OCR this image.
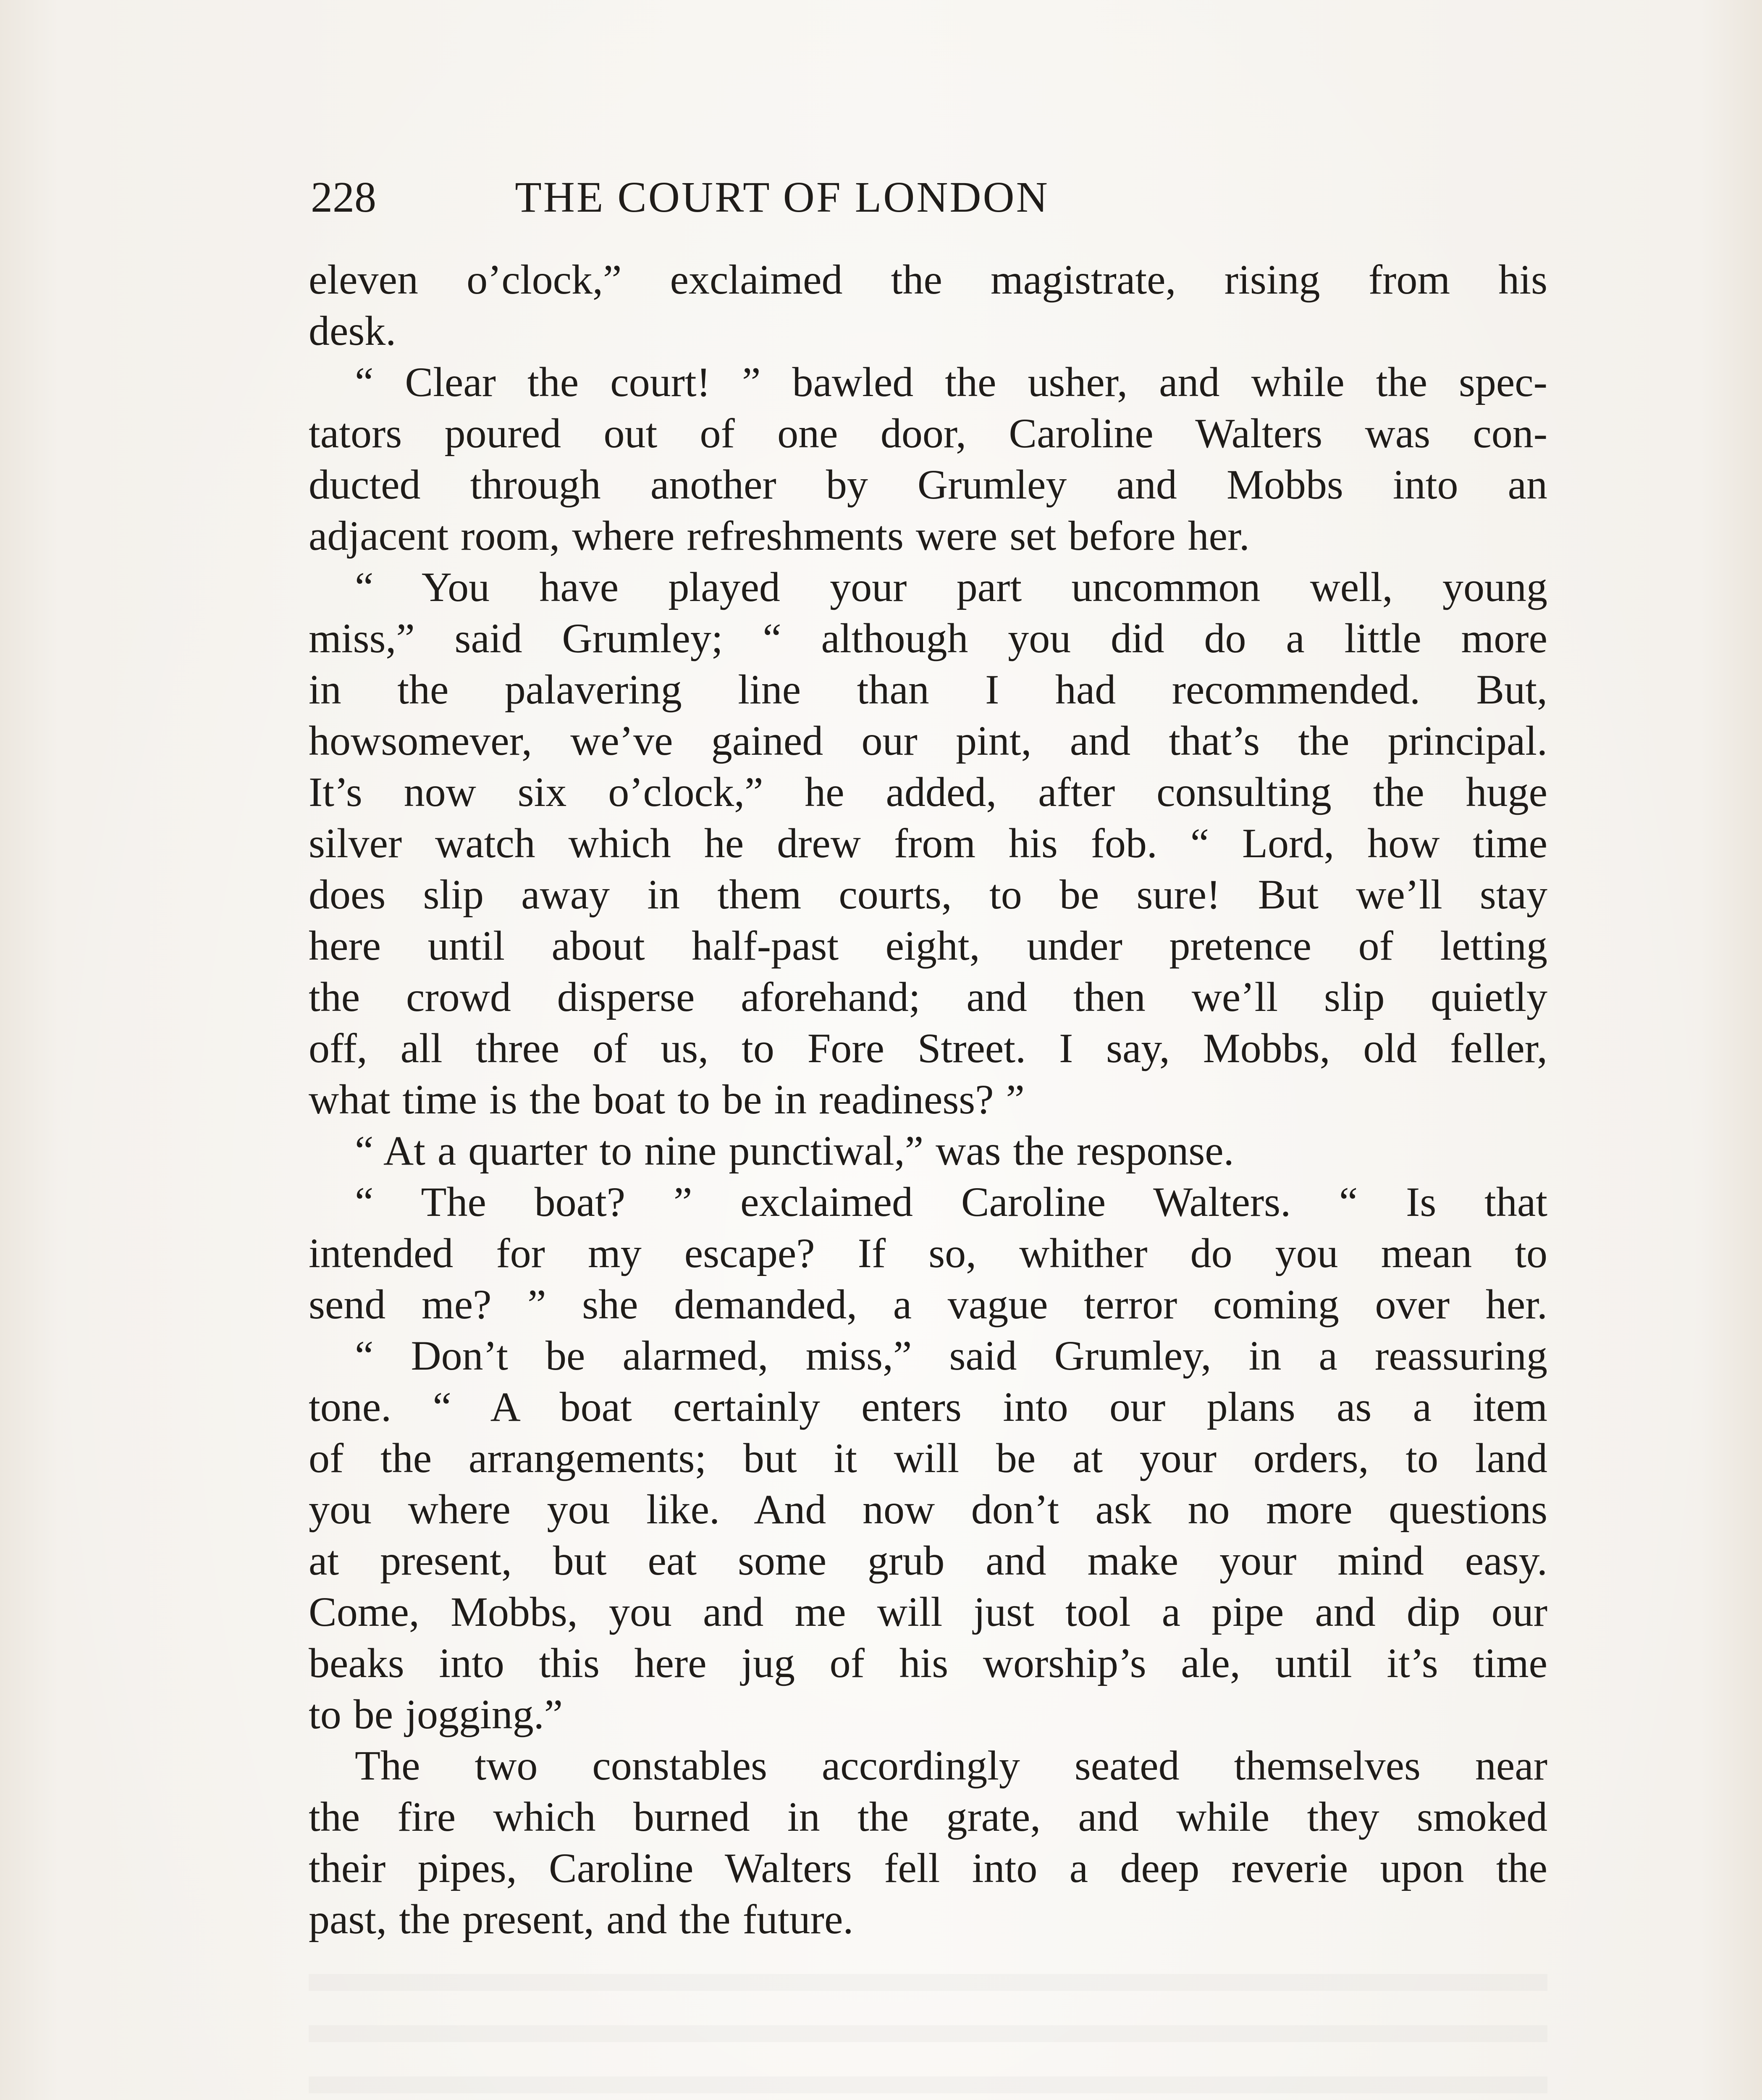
228	THE COURT OF LONDON
eleven o’clock,” exclaimed the magistrate, rising from his
desk.
“ Clear the court! ” bawled the usher, and while the spec-
tators poured out of one door, Caroline Walters was con-
ducted through another by Grumley and Mobbs into an
adjacent room, where refreshments were set before her.
“ You have played your part uncommon well, young
miss,” said Grumley; “ although you did do a little more
in the palavering line than I had recommended. But,
howsomever, we’ve gained our pint, and that’s the principal.
It’s now six o’clock,” he added, after consulting the huge
silver watch which he drew from his fob. “ Lord, how time
does slip away in them courts, to be sure! But we’ll stay
here until about half-past eight, under pretence of letting
the crowd disperse aforehand; and then we’ll slip quietly
off, all three of us, to Fore Street. I say, Mobbs, old feller,
what time is the boat to be in readiness? ”
“ At a quarter to nine punctiwal,” was the response.
“ The boat? ” exclaimed Caroline Walters. “ Is that
intended for my escape? If so, whither do you mean to
send me? ” she demanded, a vague terror coming over her.
“ Don’t be alarmed, miss,” said Grumley, in a reassuring
tone. “ A boat certainly enters into our plans as a item
of the arrangements; but it will be at your orders, to land
you where you like. And now don’t ask no more questions
at present, but eat some grub and make your mind easy.
Come, Mobbs, you and me will just tool a pipe and dip our
beaks into this here jug of his worship’s ale, until it’s time
to be jogging.”
The two constables accordingly seated themselves near
the fire which burned in the grate, and while they smoked
their pipes, Caroline Walters fell into a deep reverie upon the
past, the present, and the future.
